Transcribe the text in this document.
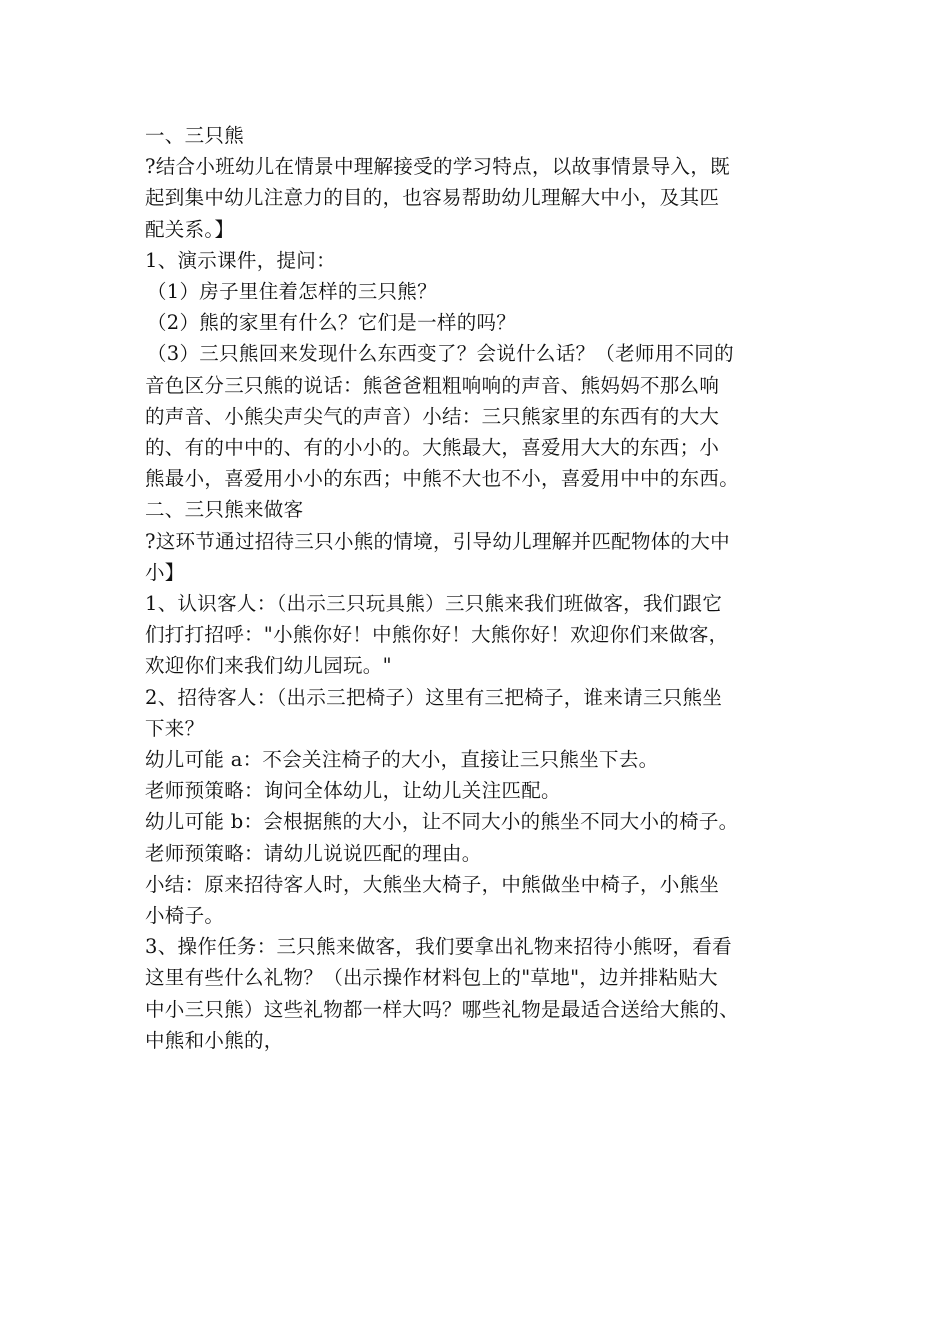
一、三只熊
?结合小班幼儿在情景中理解接受的学习特点，以故事情景导入，既
起到集中幼儿注意力的目的，也容易帮助幼儿理解大中小，及其匹
配关系。】
1、演示课件，提问：
（1）房子里住着怎样的三只熊？
（2）熊的家里有什么？它们是一样的吗？
（3）三只熊回来发现什么东西变了？会说什么话？（老师用不同的
音色区分三只熊的说话：熊爸爸粗粗响响的声音、熊妈妈不那么响
的声音、小熊尖声尖气的声音）小结：三只熊家里的东西有的大大
的、有的中中的、有的小小的。大熊最大，喜爱用大大的东西；小
熊最小，喜爱用小小的东西；中熊不大也不小，喜爱用中中的东西。
二、三只熊来做客
?这环节通过招待三只小熊的情境，引导幼儿理解并匹配物体的大中
小】
1、认识客人：（出示三只玩具熊）三只熊来我们班做客，我们跟它
们打打招呼："小熊你好！中熊你好！大熊你好！欢迎你们来做客，
欢迎你们来我们幼儿园玩。"
2、招待客人：（出示三把椅子）这里有三把椅子，谁来请三只熊坐
下来？
幼儿可能 a：不会关注椅子的大小，直接让三只熊坐下去。
老师预策略：询问全体幼儿，让幼儿关注匹配。
幼儿可能 b：会根据熊的大小，让不同大小的熊坐不同大小的椅子。
老师预策略：请幼儿说说匹配的理由。
小结：原来招待客人时，大熊坐大椅子，中熊做坐中椅子，小熊坐
小椅子。
3、操作任务：三只熊来做客，我们要拿出礼物来招待小熊呀，看看
这里有些什么礼物？（出示操作材料包上的"草地"，边并排粘贴大
中小三只熊）这些礼物都一样大吗？哪些礼物是最适合送给大熊的、
中熊和小熊的，
